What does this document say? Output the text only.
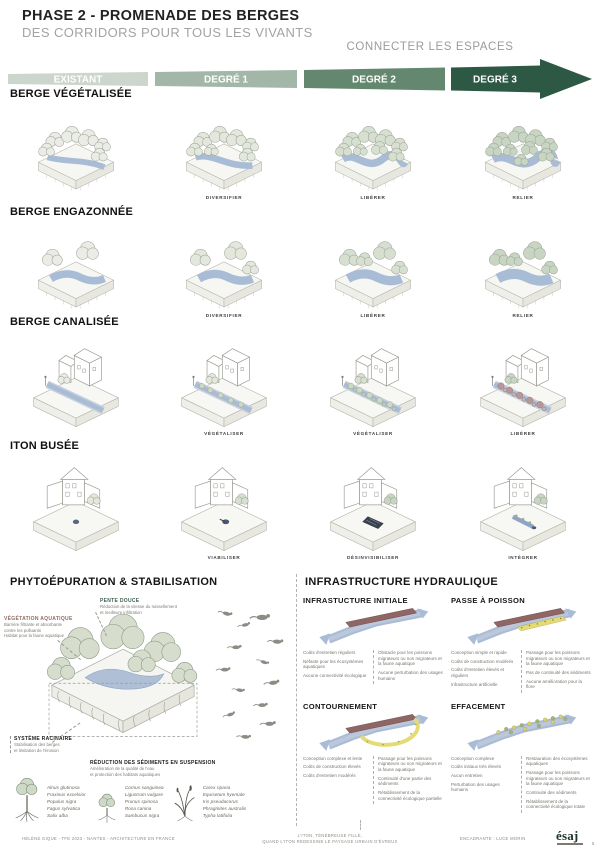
PHASE 2 - PROMENADE DES BERGES
DES CORRIDORS POUR TOUS LES VIVANTS
CONNECTER LES ESPACES
EXISTANT	DEGRÉ 1	DEGRÉ 2	DEGRÉ 3
BERGE VÉGÉTALISÉE
DIVERSIFIER	LIBÉRER	RELIER
BERGE ENGAZONNÉE
DIVERSIFIER	LIBÉRER	RELIER
BERGE CANALISÉE
VÉGÉTALISER	VÉGÉTALISER	LIBÉRER
ITON BUSÉE
VIABILISER	DÉSINVISIBILISER	INTÉGRER
PHYTOÉPURATION & STABILISATION
PENTE DOUCE
Réduction de la vitesse du ruissellement
et meilleure infiltration
VÉGÉTATION AQUATIQUE
Barrière filtrante et absorbante
contre les polluants
Habitat pour la faune aquatique
SYSTÈME RACINAIRE
Stabilisation des berges
et limitation de l'érosion
RÉDUCTION DES SÉDIMENTS EN SUSPENSION
Amélioration de la qualité de l'eau
et protection des habitats aquatiques
Alnus glutinosa
Fraxinus excelsior
Populus nigra
Fagus sylvatica
Salix alba
Cornus sanguinea
Ligustrum vulgare
Prunus spinosa
Rosa canina
Sambucus nigra
Carex riparia
Equisetum hyemale
Iris pseudacorus
Phragmites australis
Typha latifolia
INFRASTRUCTURE HYDRAULIQUE
INFRASTUCTURE INITIALE
Coûts d'entretien réguliers
Néfaste pour les écosystèmes aquatiques
Aucune connectivité écologique
Obstacle pour les poissons migrateurs ou non migrateurs et la faune aquatique
Aucune perturbation des usages humains
PASSE À POISSON
Conception simple et rapide
Coûts de construction modérés
Coûts d'entretien élevés et réguliers
Infrastructure artificielle
Passage pour les poissons migrateurs ou non migrateurs et la faune aquatique
Pas de continuité des sédiments
Aucune amélioration pour la flore
CONTOURNEMENT
Conception complexe et lente
Coûts de construction élevés
Coûts d'entretien modérés
Passage pour les poissons migrateurs ou non migrateurs et la faune aquatique
Continuité d'une partie des sédiments
Rétablissement de la connectivité écologique partielle
EFFACEMENT
Conception complexe
Coûts initiaux très élevés
Aucun entretien
Perturbation des usages humains
Restauration des écosystèmes aquatiques
Passage pour les poissons migrateurs ou non migrateurs et la faune aquatique
Continuité des sédiments
Rétablissement de la connectivité écologique totale
HÉLÈNE GIQUE - TFE 2023 - NANTES - ARCHITECTURE EN FRANCE
L'ITON, TÉNÉBREUSE FILLE,
QUAND L'ITON REDESSINE LE PAYSAGE URBAIN D'ÉVREUX
ENCADRANTE : LUCE MORIN ésaj
8
